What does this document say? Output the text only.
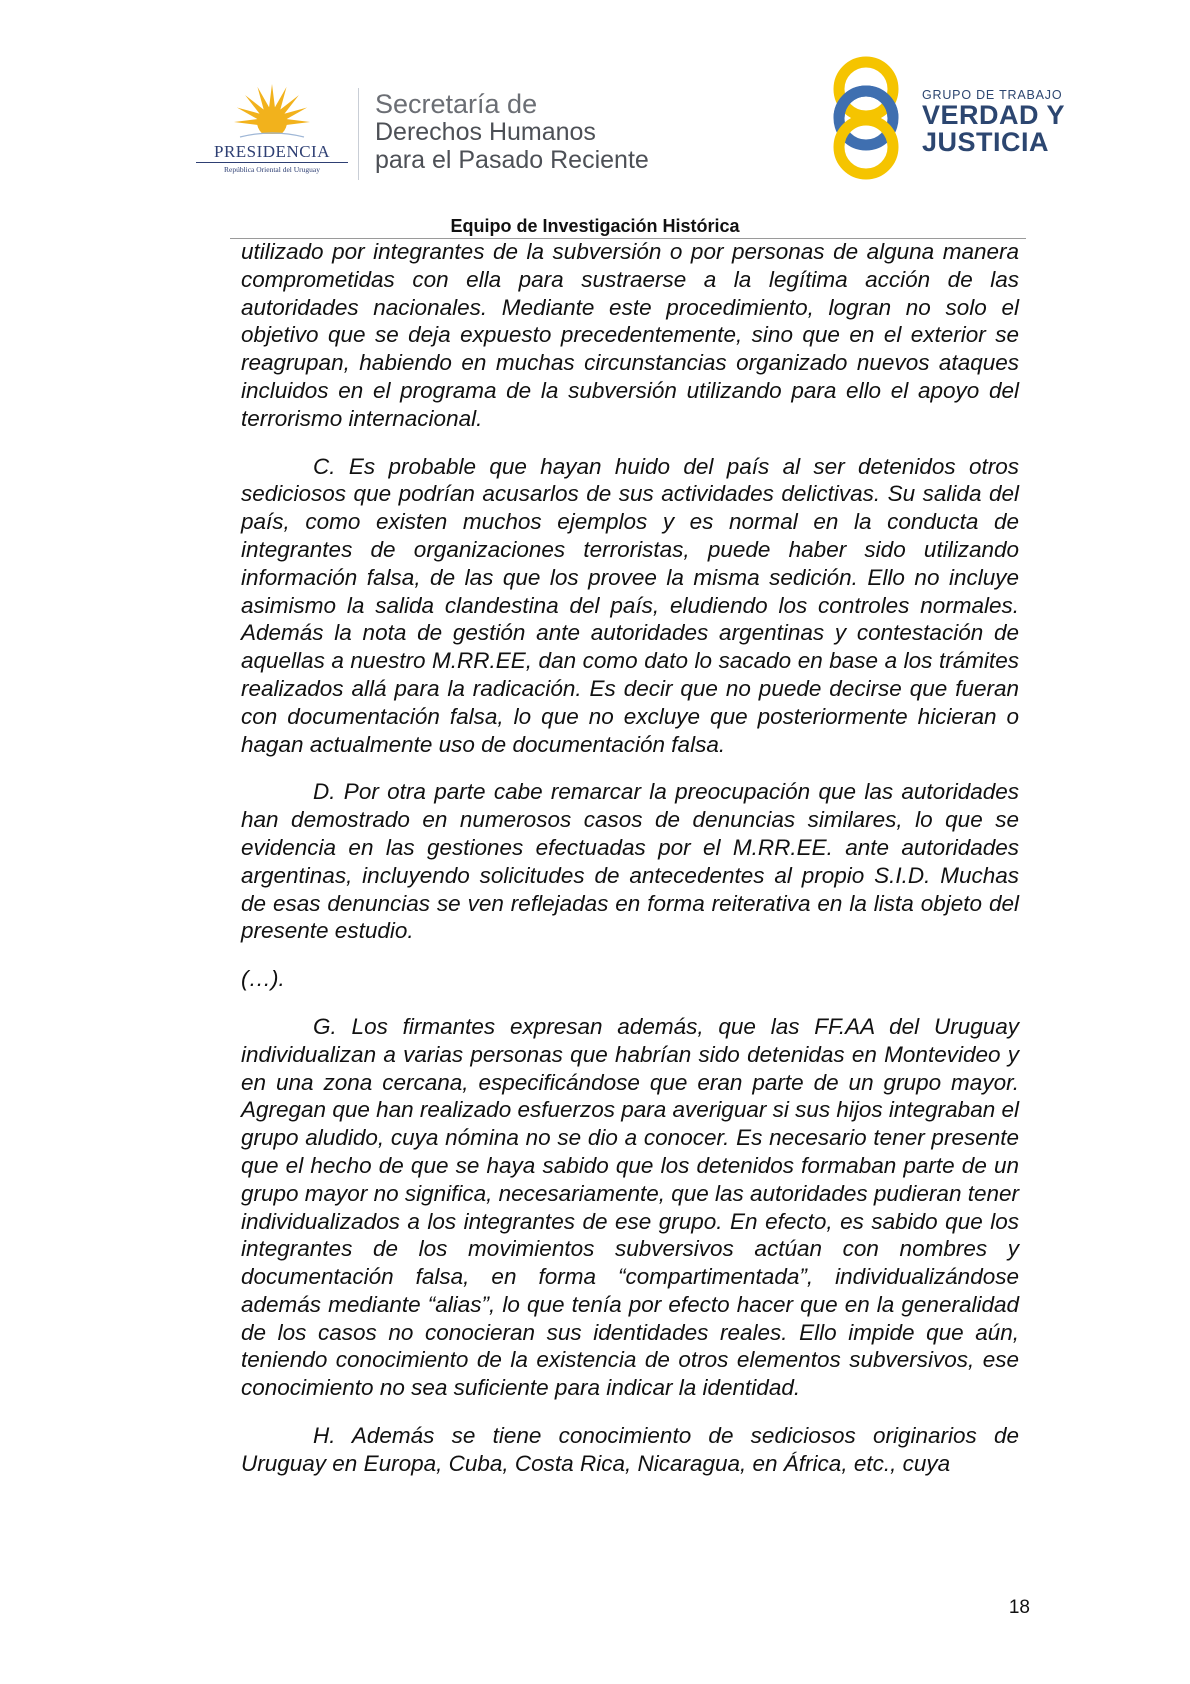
PRESIDENCIA
República Oriental del Uruguay
Secretaría de
Derechos Humanos
para el Pasado Reciente
GRUPO DE TRABAJO
VERDAD Y
JUSTICIA
Equipo de Investigación Histórica

utilizado por integrantes de la subversión o por personas de alguna manera comprometidas con ella para sustraerse a la legítima acción de las autoridades nacionales. Mediante este procedimiento, logran no solo el objetivo que se deja expuesto precedentemente, sino que en el exterior se reagrupan, habiendo en muchas circunstancias organizado nuevos ataques incluidos en el programa de la subversión utilizando para ello el apoyo del terrorismo internacional.

C. Es probable que hayan huido del país al ser detenidos otros sediciosos que podrían acusarlos de sus actividades delictivas. Su salida del país, como existen muchos ejemplos y es normal en la conducta de integrantes de organizaciones terroristas, puede haber sido utilizando información falsa, de las que los provee la misma sedición. Ello no incluye asimismo la salida clandestina del país, eludiendo los controles normales. Además la nota de gestión ante autoridades argentinas y contestación de aquellas a nuestro M.RR.EE, dan como dato lo sacado en base a los trámites realizados allá para la radicación. Es decir que no puede decirse que fueran con documentación falsa, lo que no excluye que posteriormente hicieran o hagan actualmente uso de documentación falsa.

D. Por otra parte cabe remarcar la preocupación que las autoridades han demostrado en numerosos casos de denuncias similares, lo que se evidencia en las gestiones efectuadas por el M.RR.EE. ante autoridades argentinas, incluyendo solicitudes de antecedentes al propio S.I.D. Muchas de esas denuncias se ven reflejadas en forma reiterativa en la lista objeto del presente estudio.

(…).

G. Los firmantes expresan además, que las FF.AA del Uruguay individualizan a varias personas que habrían sido detenidas en Montevideo y en una zona cercana, especificándose que eran parte de un grupo mayor. Agregan que han realizado esfuerzos para averiguar si sus hijos integraban el grupo aludido, cuya nómina no se dio a conocer. Es necesario tener presente que el hecho de que se haya sabido que los detenidos formaban parte de un grupo mayor no significa, necesariamente, que las autoridades pudieran tener individualizados a los integrantes de ese grupo. En efecto, es sabido que los integrantes de los movimientos subversivos actúan con nombres y documentación falsa, en forma “compartimentada”, individualizándose además mediante “alias”, lo que tenía por efecto hacer que en la generalidad de los casos no conocieran sus identidades reales. Ello impide que aún, teniendo conocimiento de la existencia de otros elementos subversivos, ese conocimiento no sea suficiente para indicar la identidad.

H. Además se tiene conocimiento de sediciosos originarios de Uruguay en Europa, Cuba, Costa Rica, Nicaragua, en África, etc., cuya

18
